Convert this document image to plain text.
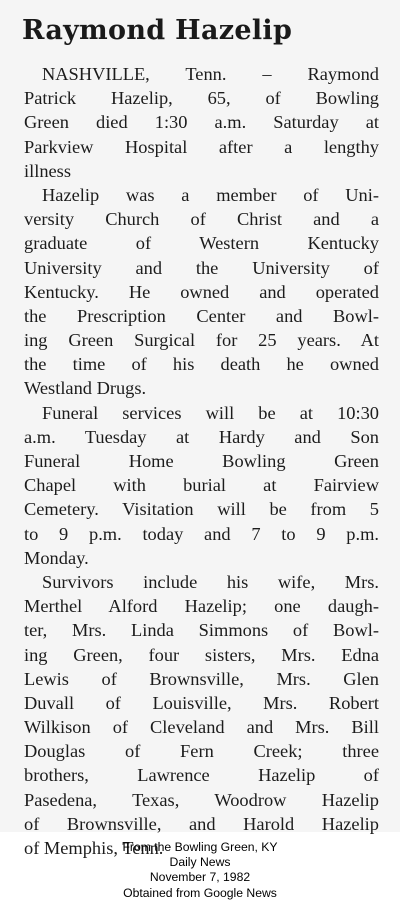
Raymond Hazelip

NASHVILLE, Tenn. – Raymond
Patrick Hazelip, 65, of Bowling
Green died 1:30 a.m. Saturday at
Parkview Hospital after a lengthy
illness

Hazelip was a member of Uni-
versity Church of Christ and a
graduate of Western Kentucky
University and the University of
Kentucky. He owned and operated
the Prescription Center and Bowl-
ing Green Surgical for 25 years. At
the time of his death he owned
Westland Drugs.

Funeral services will be at 10:30
a.m. Tuesday at Hardy and Son
Funeral Home Bowling Green
Chapel with burial at Fairview
Cemetery. Visitation will be from 5
to 9 p.m. today and 7 to 9 p.m.
Monday.

Survivors include his wife, Mrs.
Merthel Alford Hazelip; one daugh-
ter, Mrs. Linda Simmons of Bowl-
ing Green, four sisters, Mrs. Edna
Lewis of Brownsville, Mrs. Glen
Duvall of Louisville, Mrs. Robert
Wilkison of Cleveland and Mrs. Bill
Douglas of Fern Creek; three
brothers, Lawrence Hazelip of
Pasedena, Texas, Woodrow Hazelip
of Brownsville, and Harold Hazelip
of Memphis, Tenn.

From the Bowling Green, KY
Daily News
November 7, 1982
Obtained from Google News
